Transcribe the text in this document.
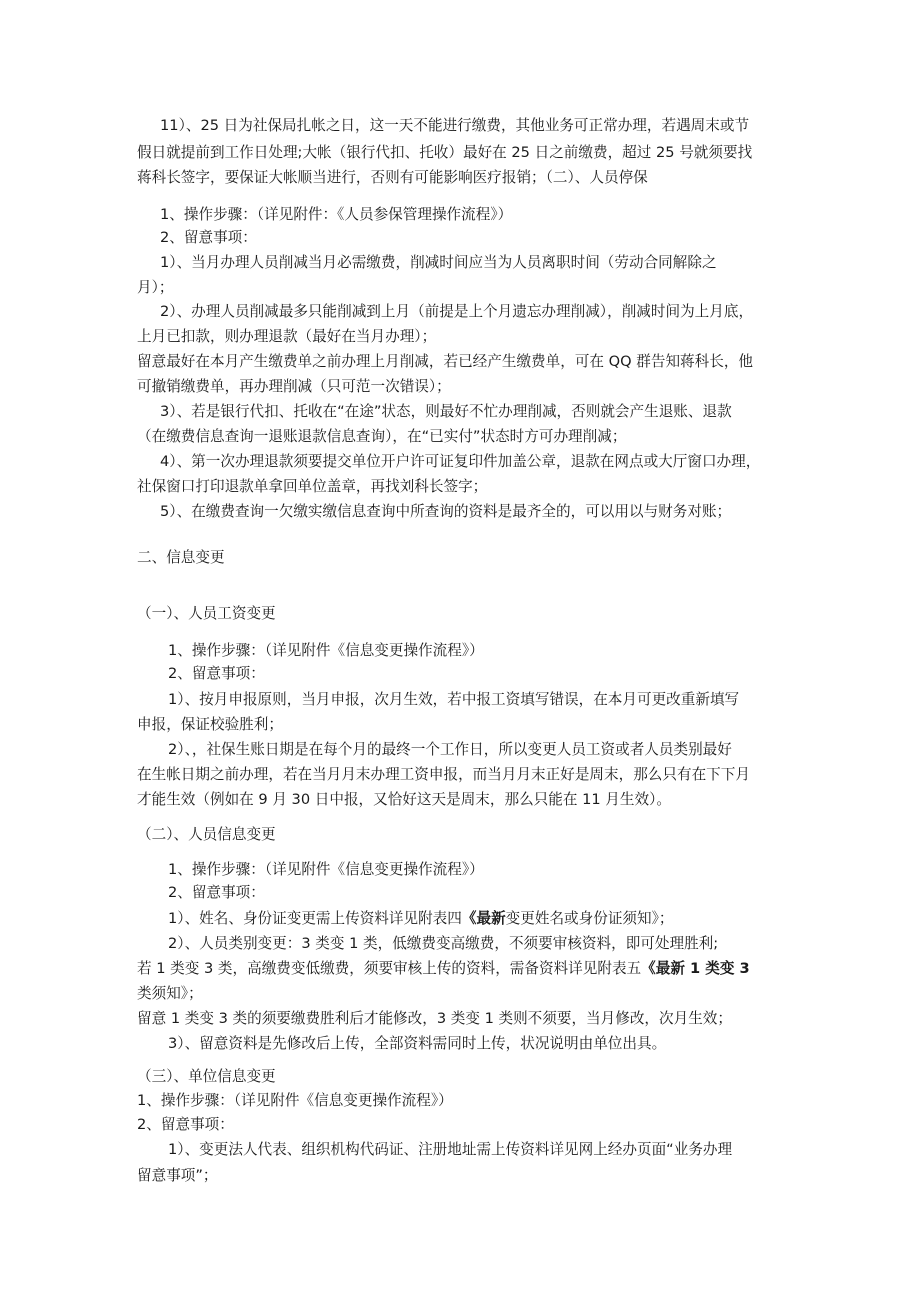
11）、25 日为社保局扎帐之日，这一天不能进行缴费，其他业务可正常办理，若遇周末或节
假日就提前到工作日处理;大帐（银行代扣、托收）最好在 25 日之前缴费，超过 25 号就须要找
蒋科长签字，要保证大帐顺当进行，否则有可能影响医疗报销；（二）、人员停保
1、操作步骤：（详见附件：《人员参保管理操作流程》）
2、留意事项：
1）、当月办理人员削减当月必需缴费，削减时间应当为人员离职时间（劳动合同解除之
月）；
2）、办理人员削减最多只能削减到上月（前提是上个月遗忘办理削减），削减时间为上月底，
上月已扣款，则办理退款（最好在当月办理）；
留意最好在本月产生缴费单之前办理上月削减，若已经产生缴费单，可在 QQ 群告知蒋科长，他
可撤销缴费单，再办理削减（只可范一次错误）；
3）、若是银行代扣、托收在“在途”状态，则最好不忙办理削减，否则就会产生退账、退款
（在缴费信息查询一退账退款信息查询），在“已实付”状态时方可办理削减；
4）、第一次办理退款须要提交单位开户许可证复印件加盖公章，退款在网点或大厅窗口办理，
社保窗口打印退款单拿回单位盖章，再找刘科长签字；
5）、在缴费查询一欠缴实缴信息查询中所查询的资料是最齐全的，可以用以与财务对账；
二、信息变更
（一）、人员工资变更
1、操作步骤：（详见附件《信息变更操作流程》）
2、留意事项：
1）、按月申报原则，当月申报，次月生效，若中报工资填写错误，在本月可更改重新填写
申报，保证校验胜利；
2）、，社保生账日期是在每个月的最终一个工作日，所以变更人员工资或者人员类别最好
在生帐日期之前办理，若在当月月末办理工资申报，而当月月末正好是周末，那么只有在下下月
才能生效（例如在 9 月 30 日中报，又恰好这天是周末，那么只能在 11 月生效）。
（二）、人员信息变更
1、操作步骤：（详见附件《信息变更操作流程》）
2、留意事项：
1）、姓名、身份证变更需上传资料详见附表四《最新变更姓名或身份证须知》；
2）、人员类别变更：3 类变 1 类，低缴费变高缴费，不须要审核资料，即可处理胜利;
若 1 类变 3 类，高缴费变低缴费，须要审核上传的资料，需备资料详见附表五《最新 1 类变 3
类须知》；
留意 1 类变 3 类的须要缴费胜利后才能修改，3 类变 1 类则不须要，当月修改，次月生效；
3）、留意资料是先修改后上传，全部资料需同时上传，状况说明由单位出具。
（三）、单位信息变更
1、操作步骤：（详见附件《信息变更操作流程》）
2、留意事项：
1）、变更法人代表、组织机构代码证、注册地址需上传资料详见网上经办页面“业务办理
留意事项”；
